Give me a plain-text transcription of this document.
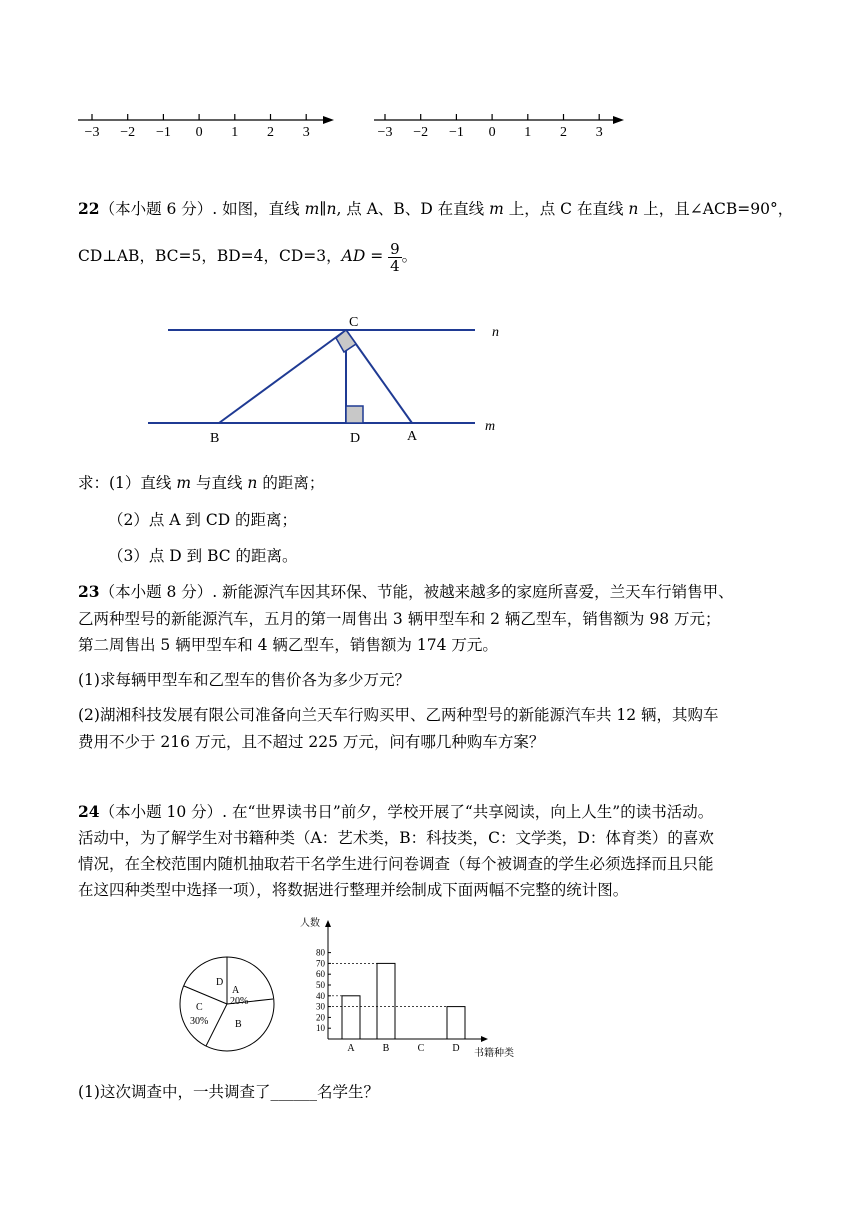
−3 −2 −1 0 1 2 3	−3 −2 −1 0 1 2 3
22（本小题 6 分）. 如图，直线 m∥n, 点 A、B、D 在直线 m 上，点 C 在直线 n 上，且∠ACB=90°，
CD⊥AB，BC=5，BD=4，CD=3，AD = $\frac{9}{4}$ 。
C
B	D	A
n
m
求：(1）直线 m 与直线 n 的距离；
（2）点 A 到 CD 的距离；
（3）点 D 到 BC 的距离。
23（本小题 8 分）. 新能源汽车因其环保、节能，被越来越多的家庭所喜爱，兰天车行销售甲、
乙两种型号的新能源汽车，五月的第一周售出 3 辆甲型车和 2 辆乙型车，销售额为 98 万元；
第二周售出 5 辆甲型车和 4 辆乙型车，销售额为 174 万元。
(1)求每辆甲型车和乙型车的售价各为多少万元？
(2)湖湘科技发展有限公司准备向兰天车行购买甲、乙两种型号的新能源汽车共 12 辆，其购车
费用不少于 216 万元，且不超过 225 万元，问有哪几种购车方案？
24（本小题 10 分）. 在“世界读书日”前夕，学校开展了“共享阅读，向上人生”的读书活动。
活动中，为了解学生对书籍种类（A：艺术类，B：科技类，C：文学类，D：体育类）的喜欢
情况，在全校范围内随机抽取若干名学生进行问卷调查（每个被调查的学生必须选择而且只能
在这四种类型中选择一项），将数据进行整理并绘制成下面两幅不完整的统计图。
D
A
20%
C
30%	B	10
20
30
40
50
60
70
80
A	B	C	D
人数
书籍种类
(1)这次调查中，一共调查了______名学生？
